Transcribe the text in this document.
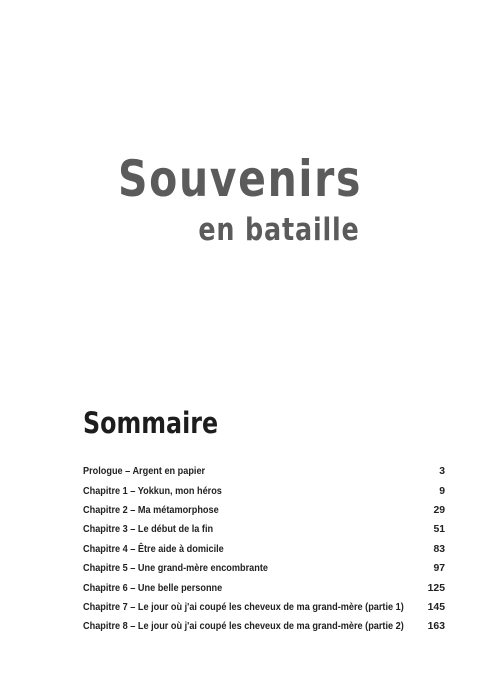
Souvenirs
en bataille
Sommaire
Prologue – Argent en papier	3
Chapitre 1 – Yokkun, mon héros	9
Chapitre 2 – Ma métamorphose	29
Chapitre 3 – Le début de la fin	51
Chapitre 4 – Être aide à domicile	83
Chapitre 5 – Une grand-mère encombrante	97
Chapitre 6 – Une belle personne	125
Chapitre 7 – Le jour où j'ai coupé les cheveux de ma grand-mère (partie 1) 145
Chapitre 8 – Le jour où j'ai coupé les cheveux de ma grand-mère (partie 2) 163
